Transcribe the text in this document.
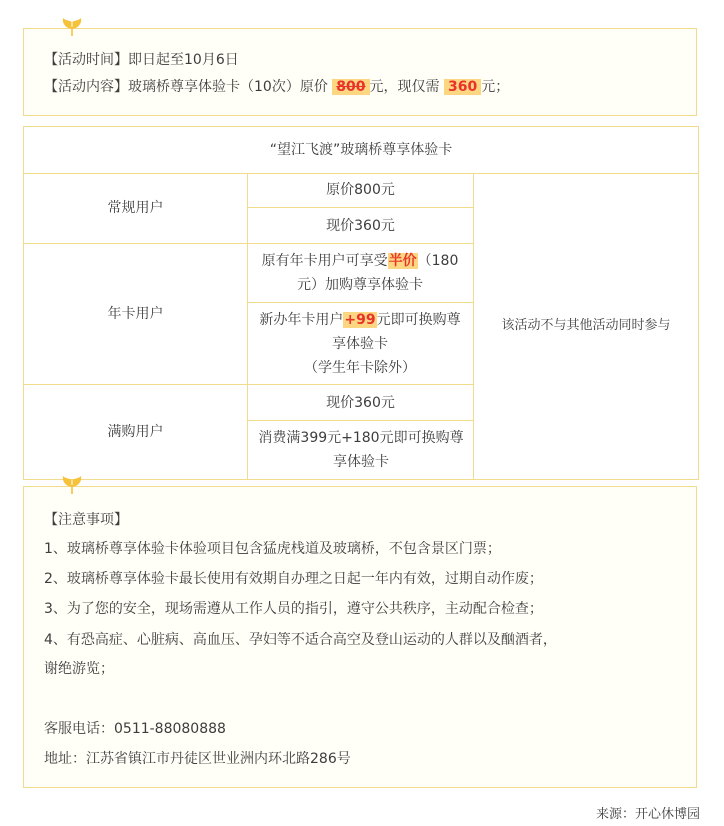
【活动时间】即日起至10月6日
【活动内容】玻璃桥尊享体验卡（10次）原价 800 元，现仅需 360 元；
“望江飞渡”玻璃桥尊享体验卡
常规用户
原价800元
现价360元
年卡用户
原有年卡用户可享受半价（180元）加购尊享体验卡
新办年卡用户+99元即可换购尊享体验卡
（学生年卡除外）
满购用户
现价360元
消费满399元+180元即可换购尊享体验卡
该活动不与其他活动同时参与
【注意事项】
1、玻璃桥尊享体验卡体验项目包含猛虎栈道及玻璃桥，不包含景区门票；
2、玻璃桥尊享体验卡最长使用有效期自办理之日起一年内有效，过期自动作废；
3、为了您的安全，现场需遵从工作人员的指引，遵守公共秩序，主动配合检查；
4、有恐高症、心脏病、高血压、孕妇等不适合高空及登山运动的人群以及酗酒者，
谢绝游览；
客服电话：0511-88080888
地址：江苏省镇江市丹徒区世业洲内环北路286号
来源：开心休博园
